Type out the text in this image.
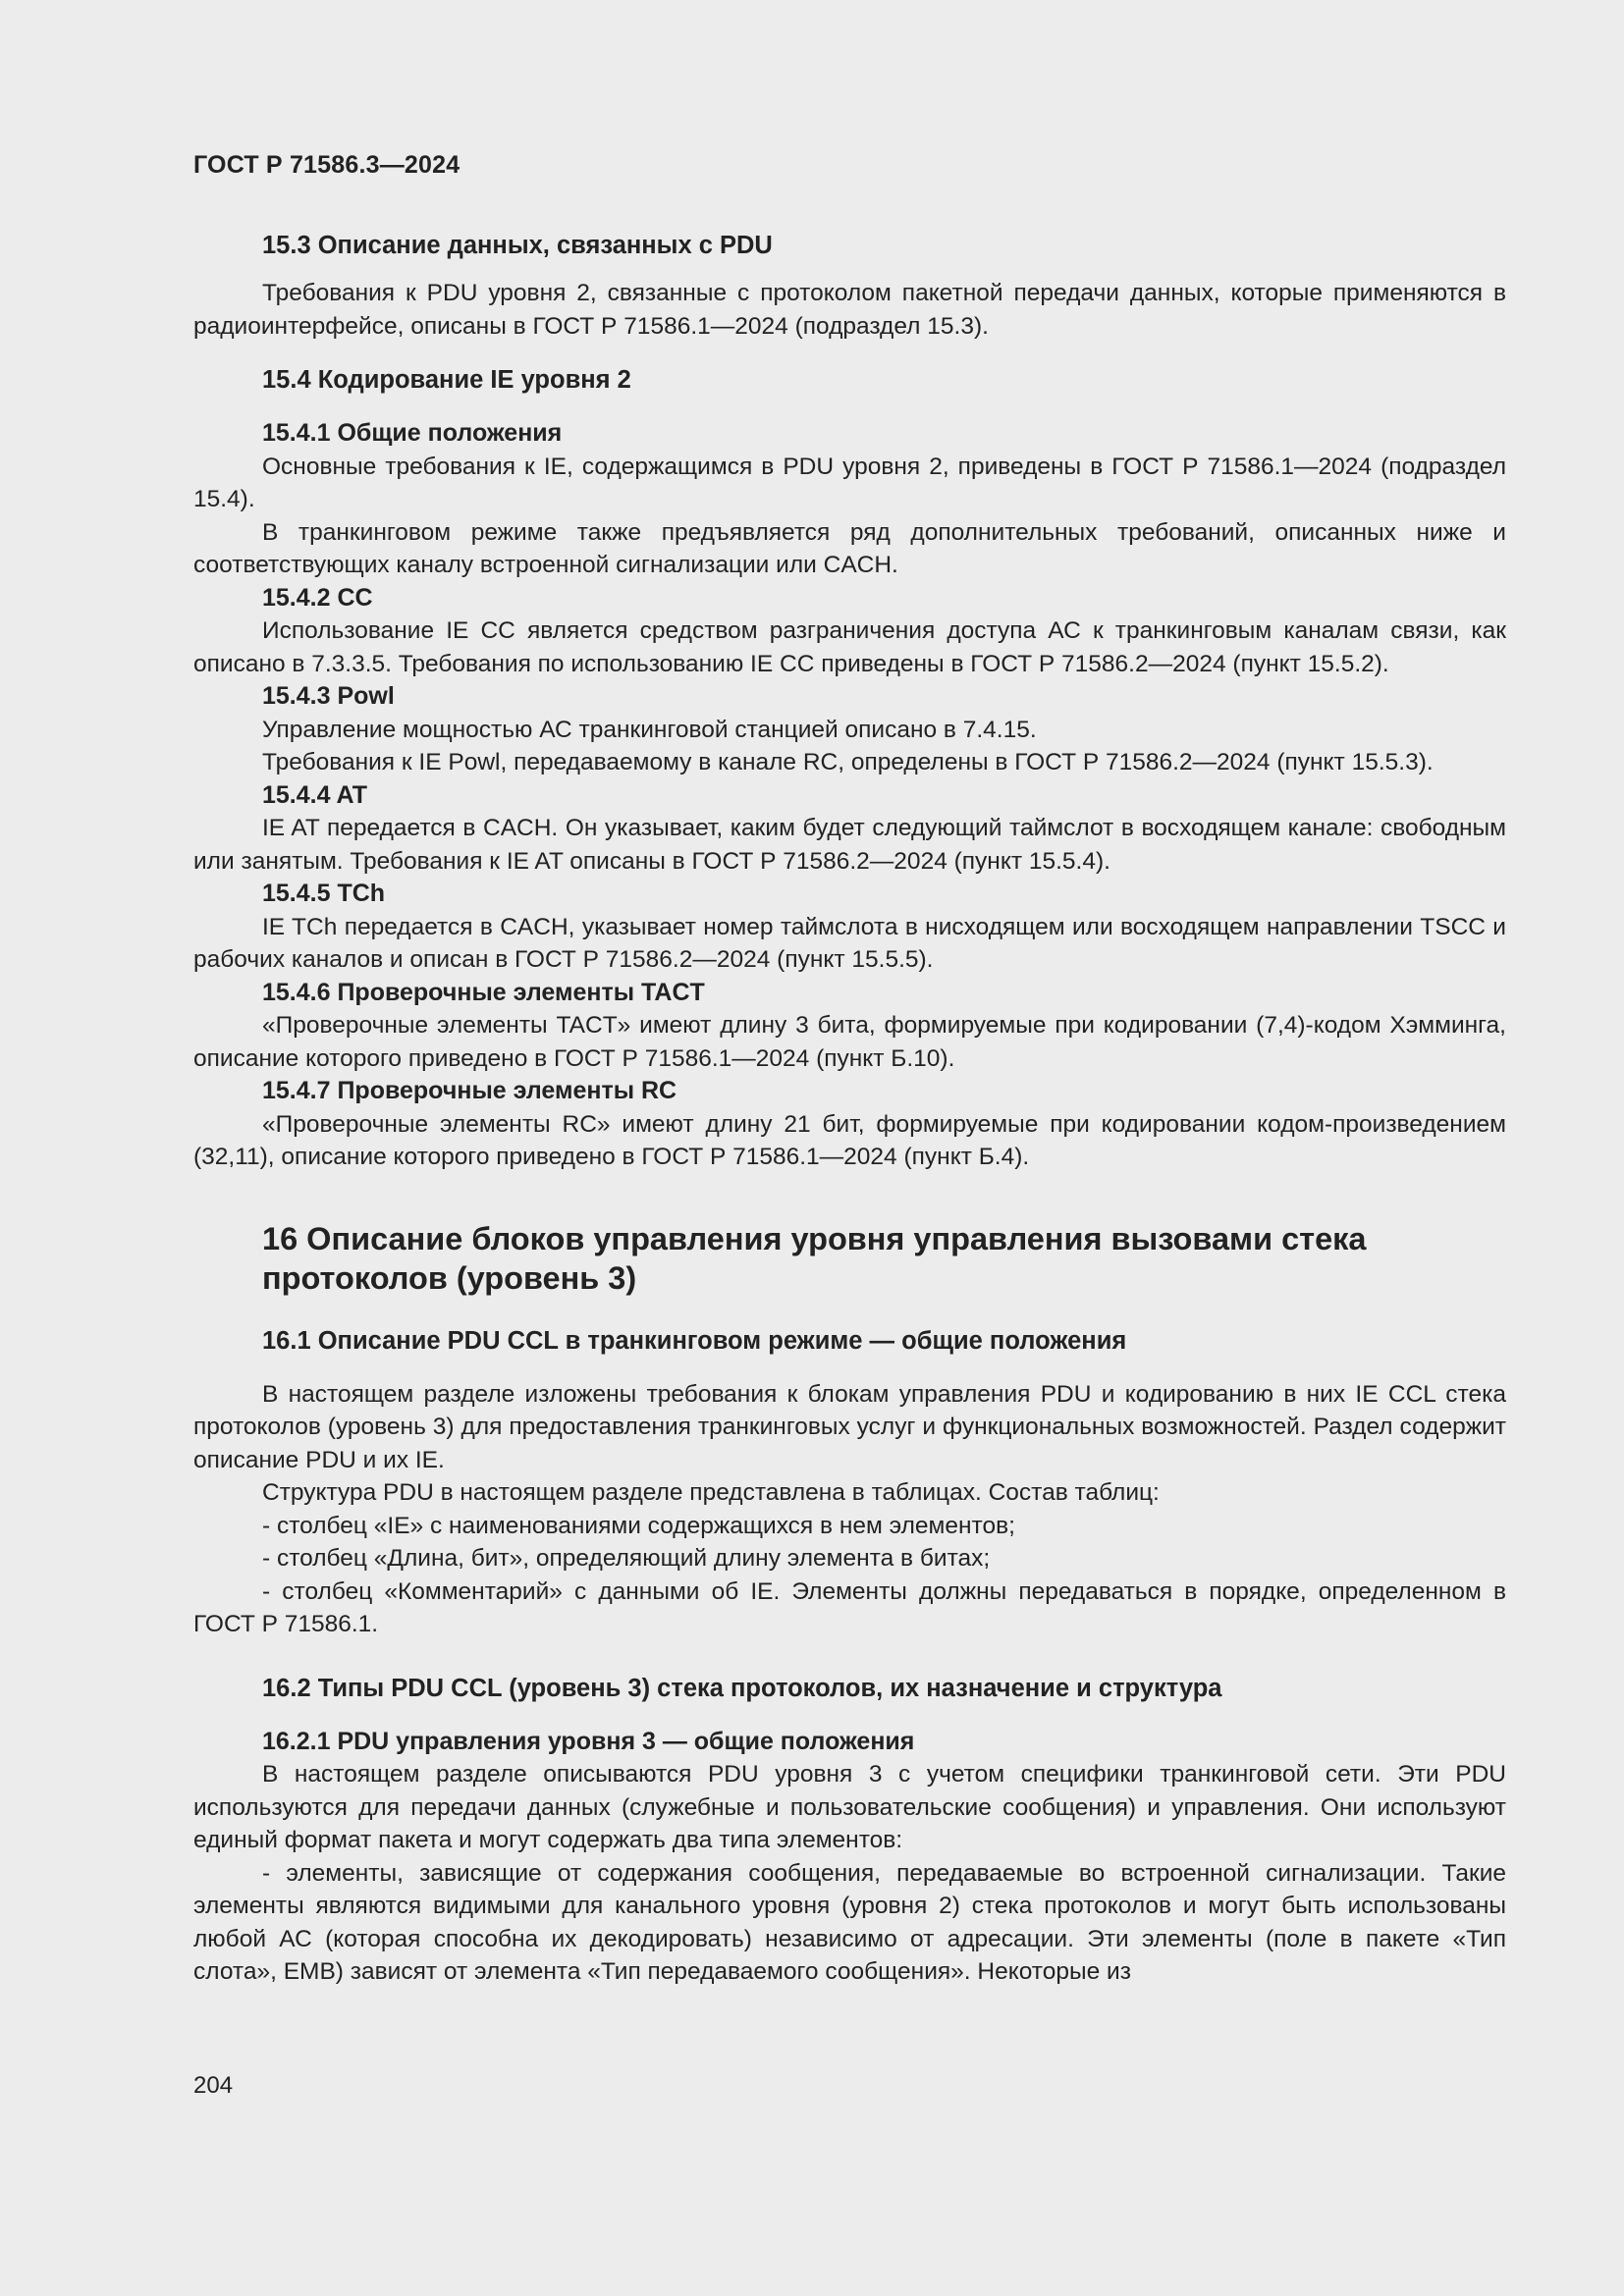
ГОСТ Р 71586.3—2024
15.3 Описание данных, связанных с PDU

Требования к PDU уровня 2, связанные с протоколом пакетной передачи данных, которые применяются в радиоинтерфейсе, описаны в ГОСТ Р 71586.1—2024 (подраздел 15.3).

15.4 Кодирование IE уровня 2
15.4.1 Общие положения

Основные требования к IE, содержащимся в PDU уровня 2, приведены в ГОСТ Р 71586.1—2024 (подраздел 15.4).

В транкинговом режиме также предъявляется ряд дополнительных требований, описанных ниже и соответствующих каналу встроенной сигнализации или CACH.

15.4.2 CC

Использование IE CC является средством разграничения доступа АС к транкинговым каналам связи, как описано в 7.3.3.5. Требования по использованию IE CC приведены в ГОСТ Р 71586.2—2024 (пункт 15.5.2).

15.4.3 Powl

Управление мощностью АС транкинговой станцией описано в 7.4.15.

Требования к IE Powl, передаваемому в канале RC, определены в ГОСТ Р 71586.2—2024 (пункт 15.5.3).

15.4.4 AT

IE AT передается в CACH. Он указывает, каким будет следующий таймслот в восходящем канале: свободным или занятым. Требования к IE AT описаны в ГОСТ Р 71586.2—2024 (пункт 15.5.4).

15.4.5 TCh

IE TCh передается в CACH, указывает номер таймслота в нисходящем или восходящем направлении TSCC и рабочих каналов и описан в ГОСТ Р 71586.2—2024 (пункт 15.5.5).

15.4.6 Проверочные элементы TACT

«Проверочные элементы TACT» имеют длину 3 бита, формируемые при кодировании (7,4)-кодом Хэмминга, описание которого приведено в ГОСТ Р 71586.1—2024 (пункт Б.10).

15.4.7 Проверочные элементы RC

«Проверочные элементы RC» имеют длину 21 бит, формируемые при кодировании кодом-произведением (32,11), описание которого приведено в ГОСТ Р 71586.1—2024 (пункт Б.4).

16 Описание блоков управления уровня управления вызовами стека протоколов (уровень 3)
16.1 Описание PDU CCL в транкинговом режиме — общие положения

В настоящем разделе изложены требования к блокам управления PDU и кодированию в них IE CCL стека протоколов (уровень 3) для предоставления транкинговых услуг и функциональных возможностей. Раздел содержит описание PDU и их IE.

Структура PDU в настоящем разделе представлена в таблицах. Состав таблиц:

- столбец «IE» с наименованиями содержащихся в нем элементов;

- столбец «Длина, бит», определяющий длину элемента в битах;

- столбец «Комментарий» с данными об IE. Элементы должны передаваться в порядке, определенном в ГОСТ Р 71586.1.

16.2 Типы PDU CCL (уровень 3) стека протоколов, их назначение и структура
16.2.1 PDU управления уровня 3 — общие положения

В настоящем разделе описываются PDU уровня 3 с учетом специфики транкинговой сети. Эти PDU используются для передачи данных (служебные и пользовательские сообщения) и управления. Они используют единый формат пакета и могут содержать два типа элементов:

- элементы, зависящие от содержания сообщения, передаваемые во встроенной сигнализации. Такие элементы являются видимыми для канального уровня (уровня 2) стека протоколов и могут быть использованы любой АС (которая способна их декодировать) независимо от адресации. Эти элементы (поле в пакете «Тип слота», EMB) зависят от элемента «Тип передаваемого сообщения». Некоторые из

204
